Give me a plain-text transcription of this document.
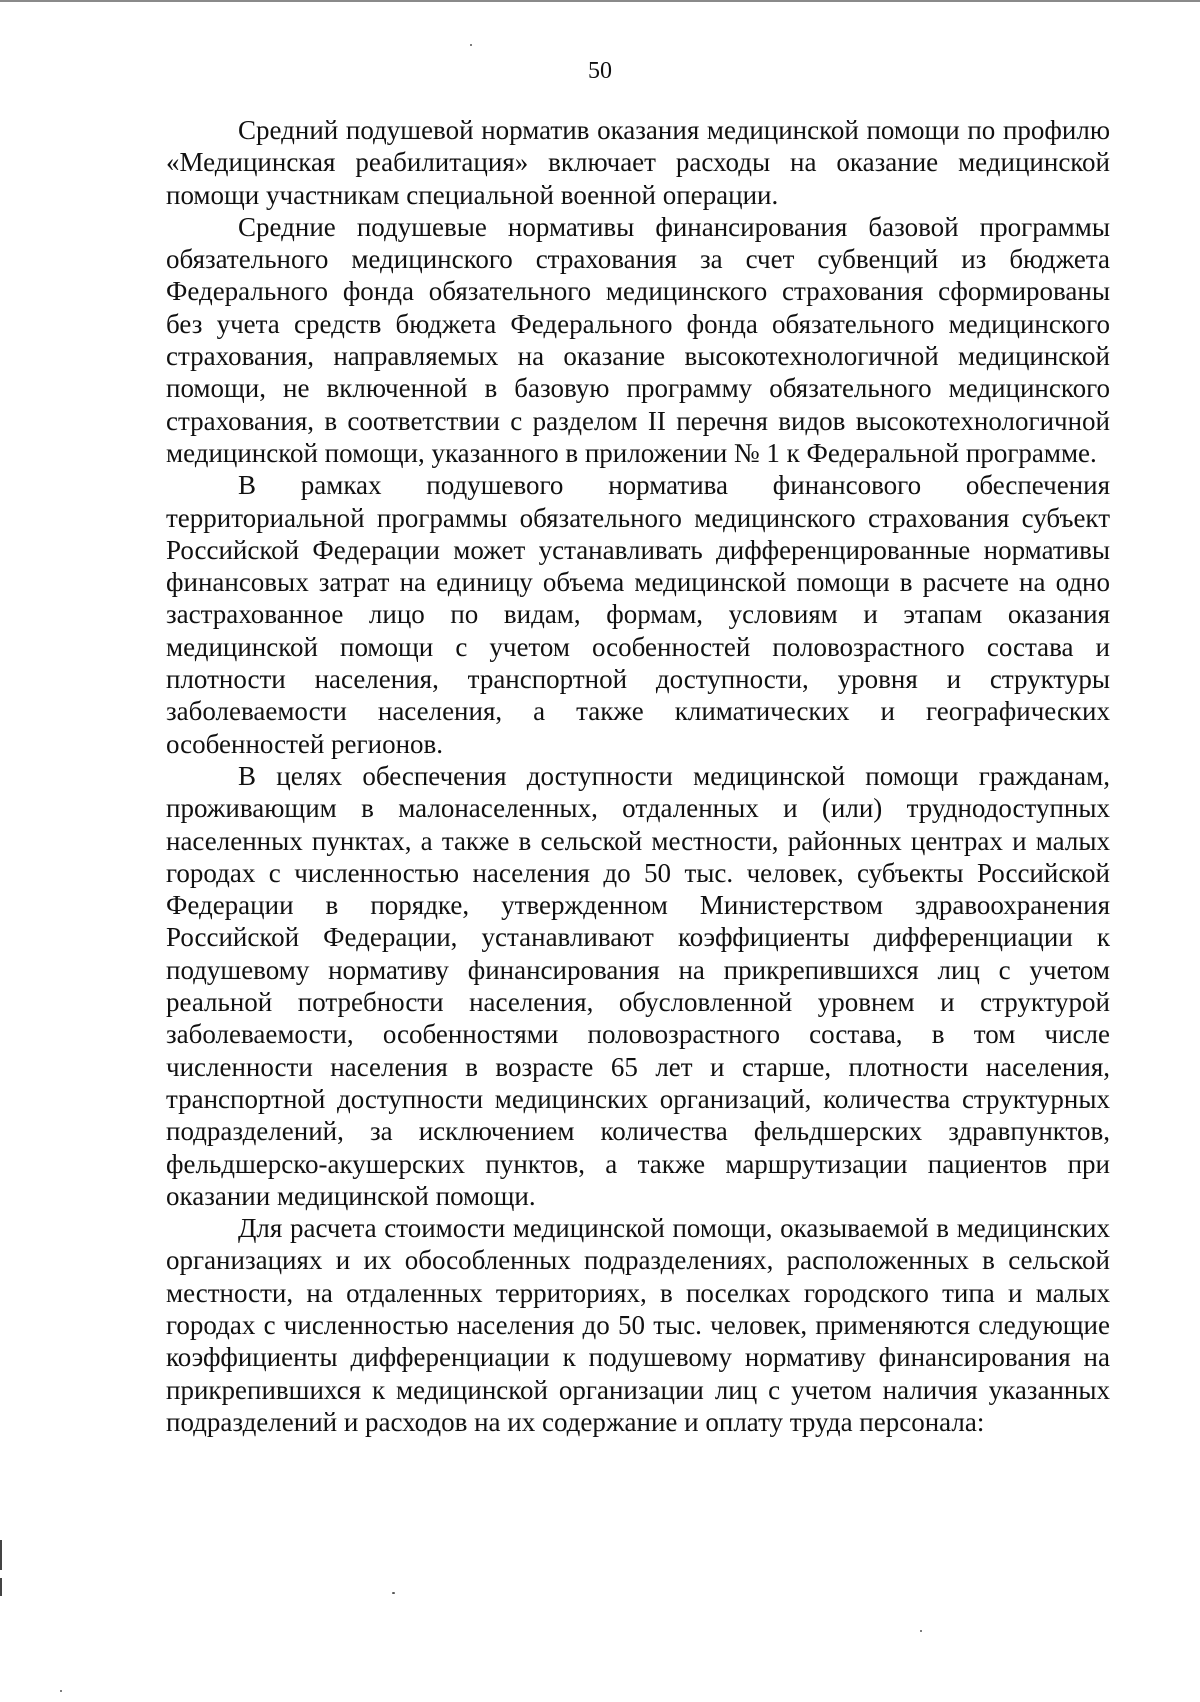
50

Средний подушевой норматив оказания медицинской помощи по профилю «Медицинская реабилитация» включает расходы на оказание медицинской помощи участникам специальной военной операции.

Средние подушевые нормативы финансирования базовой программы обязательного медицинского страхования за счет субвенций из бюджета Федерального фонда обязательного медицинского страхования сформированы без учета средств бюджета Федерального фонда обязательного медицинского страхования, направляемых на оказание высокотехнологичной медицинской помощи, не включенной в базовую программу обязательного медицинского страхования, в соответствии с разделом II перечня видов высокотехнологичной медицинской помощи, указанного в приложении № 1 к Федеральной программе.

В рамках подушевого норматива финансового обеспечения территориальной программы обязательного медицинского страхования субъект Российской Федерации может устанавливать дифференцированные нормативы финансовых затрат на единицу объема медицинской помощи в расчете на одно застрахованное лицо по видам, формам, условиям и этапам оказания медицинской помощи с учетом особенностей половозрастного состава и плотности населения, транспортной доступности, уровня и структуры заболеваемости населения, а также климатических и географических особенностей регионов.

В целях обеспечения доступности медицинской помощи гражданам, проживающим в малонаселенных, отдаленных и (или) труднодоступных населенных пунктах, а также в сельской местности, районных центрах и малых городах с численностью населения до 50 тыс. человек, субъекты Российской Федерации в порядке, утвержденном Министерством здравоохранения Российской Федерации, устанавливают коэффициенты дифференциации к подушевому нормативу финансирования на прикрепившихся лиц с учетом реальной потребности населения, обусловленной уровнем и структурой заболеваемости, особенностями половозрастного состава, в том числе численности населения в возрасте 65 лет и старше, плотности населения, транспортной доступности медицинских организаций, количества структурных подразделений, за исключением количества фельдшерских здравпунктов, фельдшерско-акушерских пунктов, а также маршрутизации пациентов при оказании медицинской помощи.

Для расчета стоимости медицинской помощи, оказываемой в медицинских организациях и их обособленных подразделениях, расположенных в сельской местности, на отдаленных территориях, в поселках городского типа и малых городах с численностью населения до 50 тыс. человек, применяются следующие коэффициенты дифференциации к подушевому нормативу финансирования на прикрепившихся к медицинской организации лиц с учетом наличия указанных подразделений и расходов на их содержание и оплату труда персонала:
